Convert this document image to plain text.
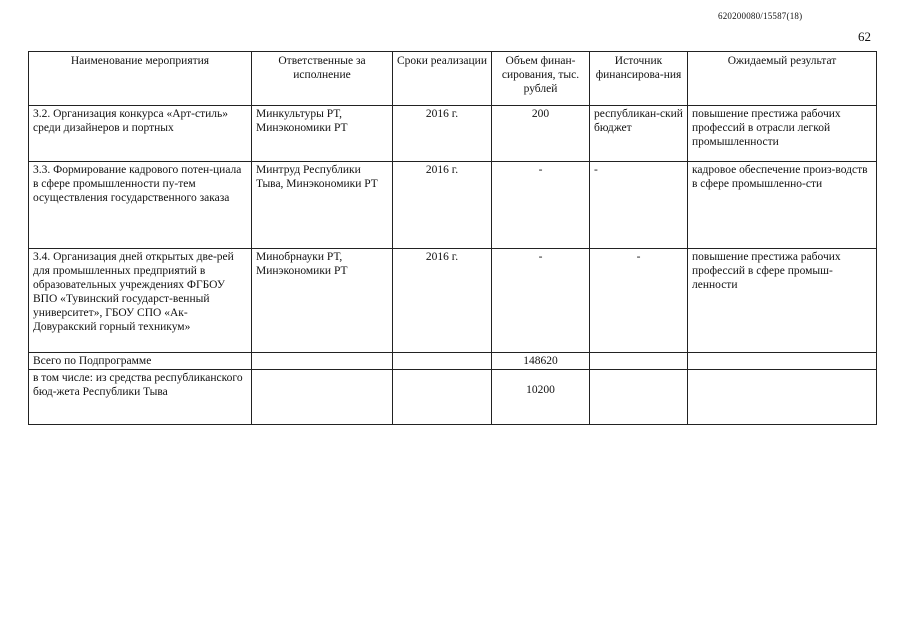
620200080/15587(18)
62
Наименование мероприятия	Ответственные за исполнение	Сроки реализации	Объем финан-сирования, тыс. рублей	Источник финансирова-ния	Ожидаемый результат
3.2. Организация конкурса «Арт-стиль» среди дизайнеров и портных	Минкультуры РТ, Минэкономики РТ	2016 г.	200	республикан-ский бюджет	повышение престижа рабочих профессий в отрасли легкой промышленности
3.3. Формирование кадрового потен-циала в сфере промышленности пу-тем осуществления государственного заказа	Минтруд Республики Тыва, Минэкономики РТ	2016 г.	-	-	кадровое обеспечение произ-водств в сфере промышленно-сти
3.4. Организация дней открытых две-рей для промышленных предприятий в образовательных учреждениях ФГБОУ ВПО «Тувинский государст-венный университет», ГБОУ СПО «Ак-Довуракский горный техникум»	Минобрнауки РТ, Минэкономики РТ	2016 г.	-	-	повышение престижа рабочих профессий в сфере промыш-ленности
Всего по Подпрограмме			148620		
в том числе: из средства республиканского бюд-жета Республики Тыва			10200		
